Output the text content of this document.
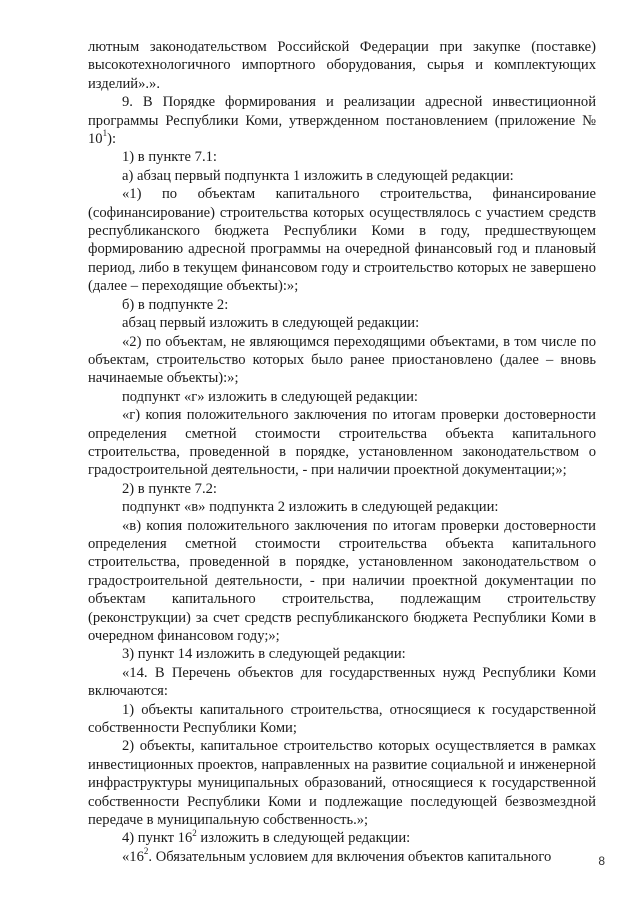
лютным законодательством Российской Федерации при закупке (поставке) высокотехнологичного импортного оборудования, сырья и комплектующих изделий».».

9. В Порядке формирования и реализации адресной инвестиционной программы Республики Коми, утвержденном постановлением (приложение № $10^1$):

1) в пункте 7.1:

а) абзац первый подпункта 1 изложить в следующей редакции:

«1) по объектам капитального строительства, финансирование (софинансирование) строительства которых осуществлялось с участием средств республиканского бюджета Республики Коми в году, предшествующем формированию адресной программы на очередной финансовый год и плановый период, либо в текущем финансовом году и строительство которых не завершено (далее – переходящие объекты):»;

б) в подпункте 2:

абзац первый изложить в следующей редакции:

«2) по объектам, не являющимся переходящими объектами, в том числе по объектам, строительство которых было ранее приостановлено (далее – вновь начинаемые объекты):»;

подпункт «г» изложить в следующей редакции:

«г) копия положительного заключения по итогам проверки достоверности определения сметной стоимости строительства объекта капитального строительства, проведенной в порядке, установленном законодательством о градостроительной деятельности, - при наличии проектной документации;»;

2) в пункте 7.2:

подпункт «в» подпункта 2 изложить в следующей редакции:

«в) копия положительного заключения по итогам проверки достоверности определения сметной стоимости строительства объекта капитального строительства, проведенной в порядке, установленном законодательством о градостроительной деятельности, - при наличии проектной документации по объектам капитального строительства, подлежащим строительству (реконструкции) за счет средств республиканского бюджета Республики Коми в очередном финансовом году;»;

3) пункт 14 изложить в следующей редакции:

«14. В Перечень объектов для государственных нужд Республики Коми включаются:

1) объекты капитального строительства, относящиеся к государственной собственности Республики Коми;

2) объекты, капитальное строительство которых осуществляется в рамках инвестиционных проектов, направленных на развитие социальной и инженерной инфраструктуры муниципальных образований, относящиеся к государственной собственности Республики Коми и подлежащие последующей безвозмездной передаче в муниципальную собственность.»;

4) пункт $16^2$ изложить в следующей редакции:

«$16^2$. Обязательным условием для включения объектов капитального	8
